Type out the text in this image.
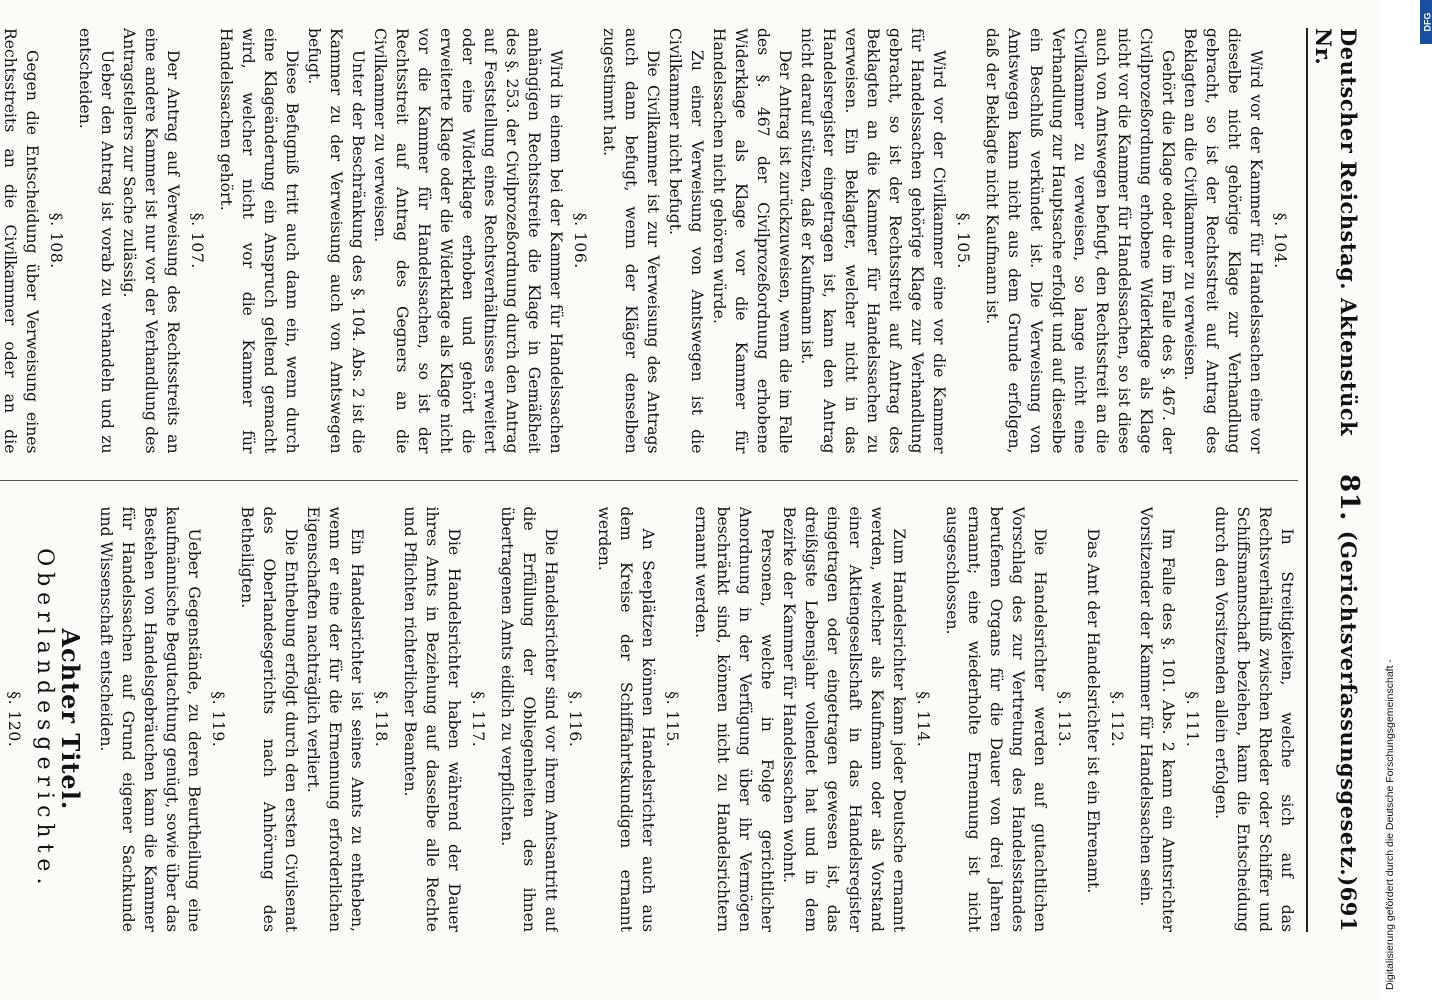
Deutscher Reichstag. Aktenstück Nr.
81.
(Gerichtsverfassungsgesetz.)
691
§. 104.
Wird vor der Kammer für Handelssachen eine vor dieselbe nicht gehörige Klage zur Verhandlung gebracht, so ist der Rechtsstreit auf Antrag des Beklagten an die Civilkammer zu verweisen.
Gehört die Klage oder die im Falle des §. 467. der Civilprozeßordnung erhobene Widerklage als Klage nicht vor die Kammer für Handelssachen, so ist diese auch von Amtswegen befugt, den Rechtsstreit an die Civilkammer zu verweisen, so lange nicht eine Verhandlung zur Hauptsache erfolgt und auf dieselbe ein Beschluß verkündet ist. Die Verweisung von Amtswegen kann nicht aus dem Grunde erfolgen, daß der Beklagte nicht Kaufmann ist.
§. 105.
Wird vor der Civilkammer eine vor die Kammer für Handelssachen gehörige Klage zur Verhandlung gebracht, so ist der Rechtsstreit auf Antrag des Beklagten an die Kammer für Handelssachen zu verweisen. Ein Beklagter, welcher nicht in das Handelsregister eingetragen ist, kann den Antrag nicht darauf stützen, daß er Kaufmann ist.
Der Antrag ist zurückzuweisen, wenn die im Falle des §. 467 der Civilprozeßordnung erhobene Widerklage als Klage vor die Kammer für Handelssachen nicht gehören würde.
Zu einer Verweisung von Amtswegen ist die Civilkammer nicht befugt.
Die Civilkammer ist zur Verweisung des Antrags auch dann befugt, wenn der Kläger denselben zugestimmt hat.
§. 106.
Wird in einem bei der Kammer für Handelssachen anhängigen Rechtsstreite die Klage in Gemäßheit des §. 253. der Civilprozeßordnung durch den Antrag auf Feststellung eines Rechtsverhältnisses erweitert oder eine Widerklage erhoben und gehört die erweiterte Klage oder die Widerklage als Klage nicht vor die Kammer für Handelssachen, so ist der Rechtsstreit auf Antrag des Gegners an die Civilkammer zu verweisen.
Unter der Beschränkung des §. 104. Abs. 2 ist die Kammer zu der Verweisung auch von Amtswegen befugt.
Diese Befugniß tritt auch dann ein, wenn durch eine Klageänderung ein Anspruch geltend gemacht wird, welcher nicht vor die Kammer für Handelssachen gehört.
§. 107.
Der Antrag auf Verweisung des Rechtsstreits an eine andere Kammer ist nur vor der Verhandlung des Antragstellers zur Sache zulässig.
Ueber den Antrag ist vorab zu verhandeln und zu entscheiden.
§. 108.
Gegen die Entscheidung über Verweisung eines Rechtsstreits an die Civilkammer oder an die
In Streitigkeiten, welche sich auf das Rechtsverhältniß zwischen Rheder oder Schiffer und Schiffsmannschaft beziehen, kann die Entscheidung durch den Vorsitzenden allein erfolgen.
§. 111.
Im Falle des §. 101. Abs. 2 kann ein Amtsrichter Vorsitzender der Kammer für Handelssachen sein.
§. 112.
Das Amt der Handelsrichter ist ein Ehrenamt.
§. 113.
Die Handelsrichter werden auf gutachtlichen Vorschlag des zur Vertretung des Handelsstandes berufenen Organs für die Dauer von drei Jahren ernannt; eine wiederholte Ernennung ist nicht ausgeschlossen.
§. 114.
Zum Handelsrichter kann jeder Deutsche ernannt werden, welcher als Kaufmann oder als Vorstand einer Aktiengesellschaft in das Handelsregister eingetragen oder eingetragen gewesen ist, das dreißigste Lebensjahr vollendet hat und in dem Bezirke der Kammer für Handelssachen wohnt.
Personen, welche in Folge gerichtlicher Anordnung in der Verfügung über ihr Vermögen beschränkt sind, können nicht zu Handelsrichtern ernannt werden.
§. 115.
An Seeplätzen können Handelsrichter auch aus dem Kreise der Schifffahrtskundigen ernannt werden.
§. 116.
Die Handelsrichter sind vor ihrem Amtsantritt auf die Erfüllung der Obliegenheiten des ihnen übertragenen Amts eidlich zu verpflichten.
§. 117.
Die Handelsrichter haben während der Dauer ihres Amts in Beziehung auf dasselbe alle Rechte und Pflichten richterlicher Beamten.
§. 118.
Ein Handelsrichter ist seines Amts zu entheben, wenn er eine der für die Ernennung erforderlichen Eigenschaften nachträglich verliert.
Die Enthebung erfolgt durch den ersten Civilsenat des Oberlandesgerichts nach Anhörung des Betheiligten.
§. 119.
Ueber Gegenstände, zu deren Beurtheilung eine kaufmännische Begutachtung genügt, sowie über das Bestehen von Handelsgebräuchen kann die Kammer für Handelssachen auf Grund eigener Sachkunde und Wissenschaft entscheiden.
Achter Titel.
Oberlandesgerichte.
§. 120.	Digitalisierung gefördert durch die Deutsche Forschungsgemeinschaft -
DFG
